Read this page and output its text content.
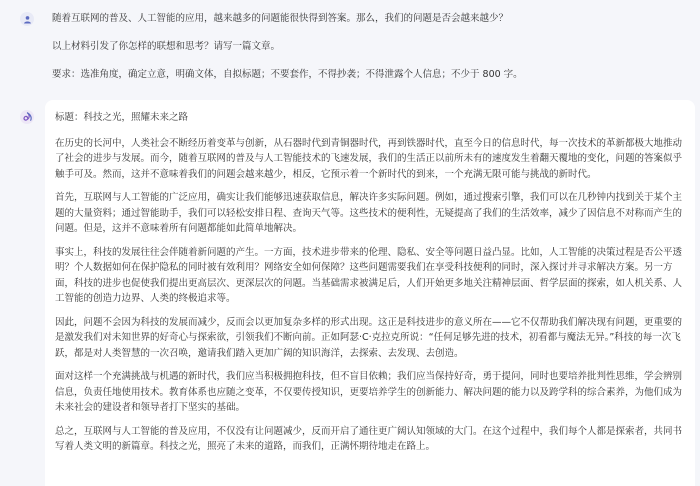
随着互联网的普及、人工智能的应用，越来越多的问题能很快得到答案。那么，我们的问题是否会越来越少？

以上材料引发了你怎样的联想和思考？请写一篇文章。

要求：选准角度，确定立意，明确文体，自拟标题；不要套作，不得抄袭；不得泄露个人信息；不少于 800 字。

标题：科技之光，照耀未来之路

在历史的长河中，人类社会不断经历着变革与创新，从石器时代到青铜器时代，再到铁器时代，直至今日的信息时代，每一次技术的革新都极大地推动了社会的进步与发展。而今，随着互联网的普及与人工智能技术的飞速发展，我们的生活正以前所未有的速度发生着翻天覆地的变化，问题的答案似乎触手可及。然而，这并不意味着我们的问题会越来越少，相反，它预示着一个新时代的到来，一个充满无限可能与挑战的新时代。

首先，互联网与人工智能的广泛应用，确实让我们能够迅速获取信息，解决许多实际问题。例如，通过搜索引擎，我们可以在几秒钟内找到关于某个主题的大量资料；通过智能助手，我们可以轻松安排日程、查询天气等。这些技术的便利性，无疑提高了我们的生活效率，减少了因信息不对称而产生的问题。但是，这并不意味着所有问题都能如此简单地解决。

事实上，科技的发展往往会伴随着新问题的产生。一方面，技术进步带来的伦理、隐私、安全等问题日益凸显。比如，人工智能的决策过程是否公平透明？个人数据如何在保护隐私的同时被有效利用？网络安全如何保障？这些问题需要我们在享受科技便利的同时，深入探讨并寻求解决方案。另一方面，科技的进步也促使我们提出更高层次、更深层次的问题。当基础需求被满足后，人们开始更多地关注精神层面、哲学层面的探索，如人机关系、人工智能的创造力边界、人类的终极追求等。

因此，问题不会因为科技的发展而减少，反而会以更加复杂多样的形式出现。这正是科技进步的意义所在——它不仅帮助我们解决现有问题，更重要的是激发我们对未知世界的好奇心与探索欲，引领我们不断向前。正如阿瑟·C·克拉克所说：“任何足够先进的技术，初看都与魔法无异。”科技的每一次飞跃，都是对人类智慧的一次召唤，邀请我们踏入更加广阔的知识海洋，去探索、去发现、去创造。

面对这样一个充满挑战与机遇的新时代，我们应当积极拥抱科技，但不盲目依赖；我们应当保持好奇，勇于提问，同时也要培养批判性思维，学会辨别信息，负责任地使用技术。教育体系也应随之变革，不仅要传授知识，更要培养学生的创新能力、解决问题的能力以及跨学科的综合素养，为他们成为未来社会的建设者和领导者打下坚实的基础。

总之，互联网与人工智能的普及应用，不仅没有让问题减少，反而开启了通往更广阔认知领域的大门。在这个过程中，我们每个人都是探索者，共同书写着人类文明的新篇章。科技之光，照亮了未来的道路，而我们，正满怀期待地走在路上。
